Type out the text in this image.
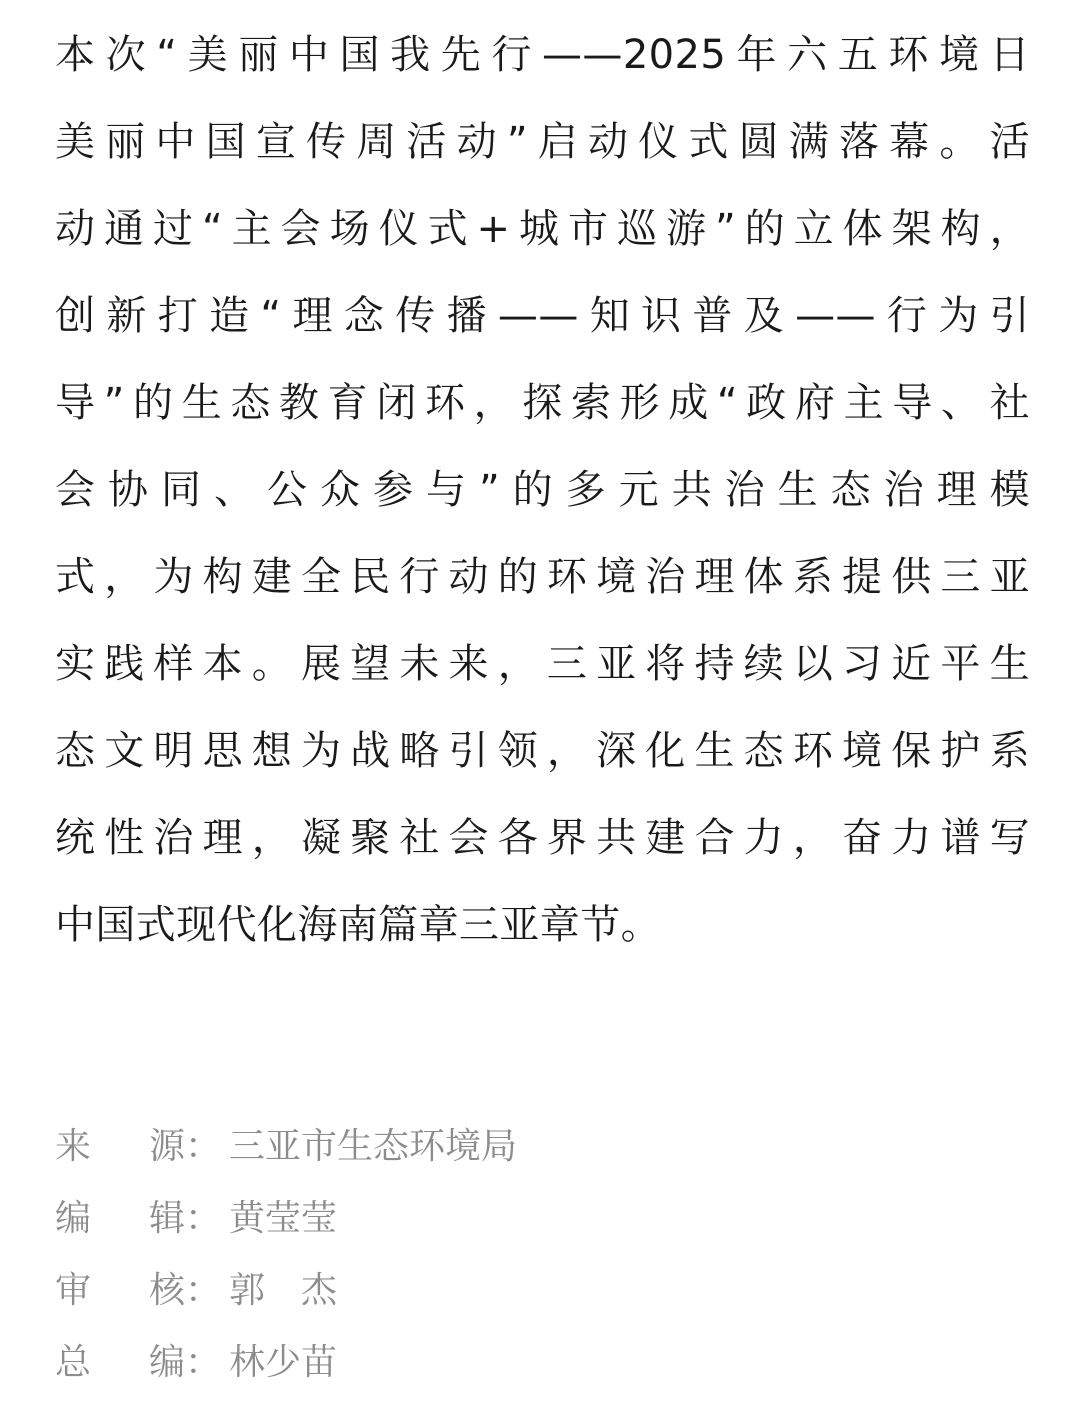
本次“美丽中国我先行——2025年六五环境日
美丽中国宣传周活动”启动仪式圆满落幕。活
动通过“主会场仪式+城市巡游”的立体架构，
创新打造“理念传播——知识普及——行为引
导”的生态教育闭环，探索形成“政府主导、社
会协同、公众参与”的多元共治生态治理模
式，为构建全民行动的环境治理体系提供三亚
实践样本。展望未来，三亚将持续以习近平生
态文明思想为战略引领，深化生态环境保护系
统性治理，凝聚社会各界共建合力，奋力谱写
中国式现代化海南篇章三亚章节。
来源 ： 三亚市生态环境局
编辑 ： 黄莹莹
审核 ： 郭　杰
总编 ： 林少苗
